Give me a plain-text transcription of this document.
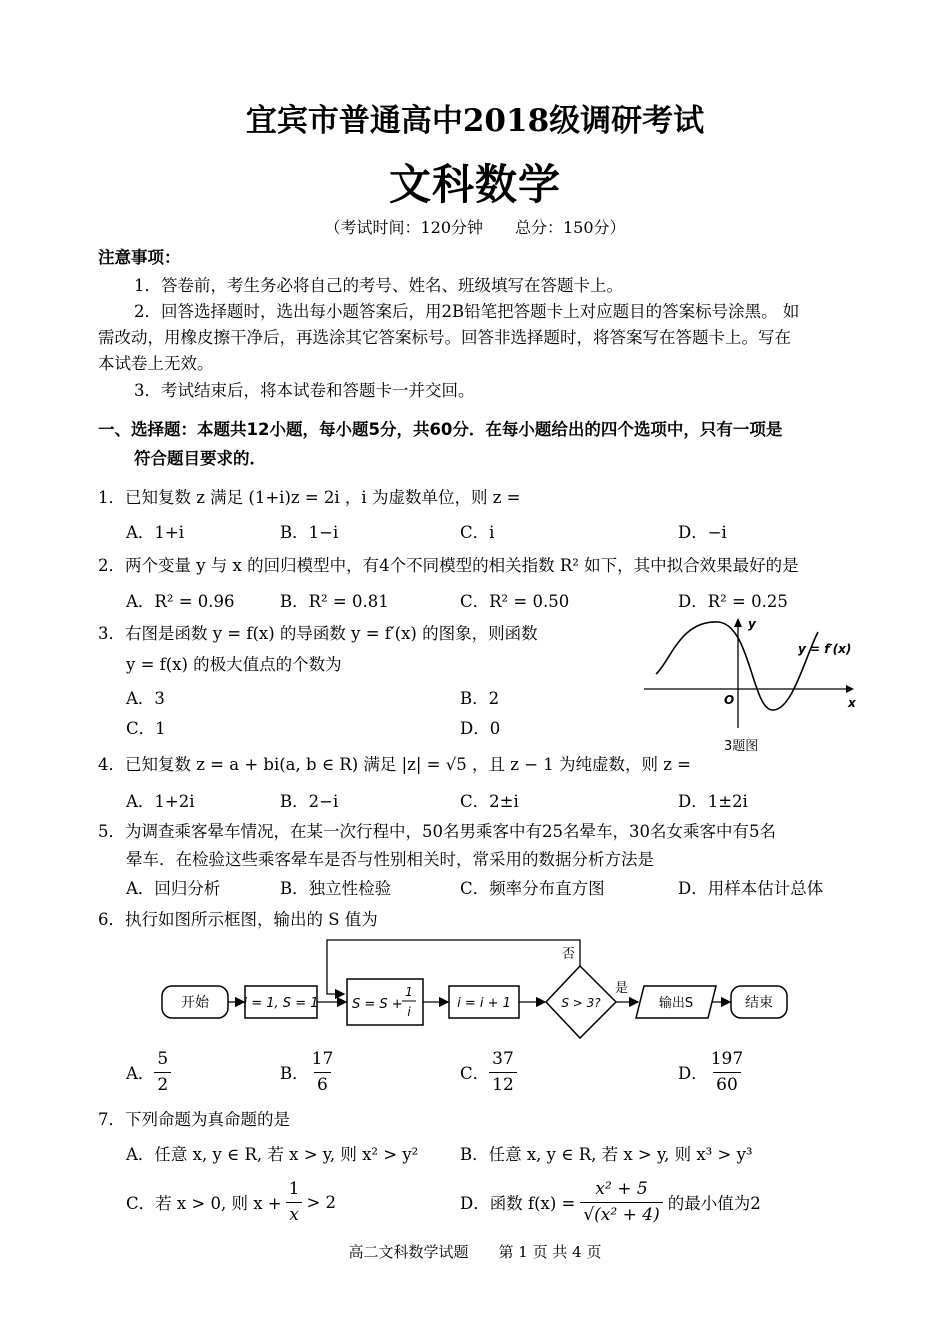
宜宾市普通高中2018级调研考试
文科数学
（考试时间：120分钟　　总分：150分）
注意事项：
1．答卷前，考生务必将自己的考号、姓名、班级填写在答题卡上。
2．回答选择题时，选出每小题答案后，用2B铅笔把答题卡上对应题目的答案标号涂黑。 如
需改动，用橡皮擦干净后，再选涂其它答案标号。回答非选择题时，将答案写在答题卡上。写在
本试卷上无效。
3．考试结束后，将本试卷和答题卡一并交回。
一、选择题：本题共12小题，每小题5分，共60分．在每小题给出的四个选项中，只有一项是
符合题目要求的．
1．已知复数 z 满足 (1+i)z = 2i ，i 为虚数单位，则 z =
A．1+i	B．1−i	C．i	D．−i
2．两个变量 y 与 x 的回归模型中，有4个不同模型的相关指数 R² 如下，其中拟合效果最好的是
A．R² = 0.96	B．R² = 0.81	C．R² = 0.50	D．R² = 0.25
3．右图是函数 y = f(x) 的导函数 y = f′(x) 的图象，则函数
y = f(x) 的极大值点的个数为
A．3	B．2
C．1	D．0
y
x
O
y = f′(x)
3题图
4．已知复数 z = a + bi(a, b ∈ R) 满足 |z| = √5 ，且 z − 1 为纯虚数，则 z =
A．1+2i	B．2−i	C．2±i	D．1±2i
5．为调查乘客晕车情况，在某一次行程中，50名男乘客中有25名晕车，30名女乘客中有5名
晕车．在检验这些乘客晕车是否与性别相关时，常采用的数据分析方法是
A．回归分析	B．独立性检验	C．频率分布直方图	D．用样本估计总体
6．执行如图所示框图，输出的 S 值为
开始	i = 1, S = 1	S = S +
1
i
i = i + 1	S > 3?
否
是
输出S	结束
A． $\frac{5}{2}$	B． $\frac{17}{6}$	C． $\frac{37}{12}$	D． $\frac{197}{60}$
7．下列命题为真命题的是
A．任意 x, y ∈ R, 若 x > y, 则 x² > y²	B．任意 x, y ∈ R, 若 x > y, 则 x³ > y³
C．若 x > 0, 则 $x + \frac{1}{x} > 2$	D．函数 $f(x) = \frac{\text{x² + 5}}{\text{√(x² + 4)}}$ 的最小值为2
高二文科数学试题　　第 1 页 共 4 页
